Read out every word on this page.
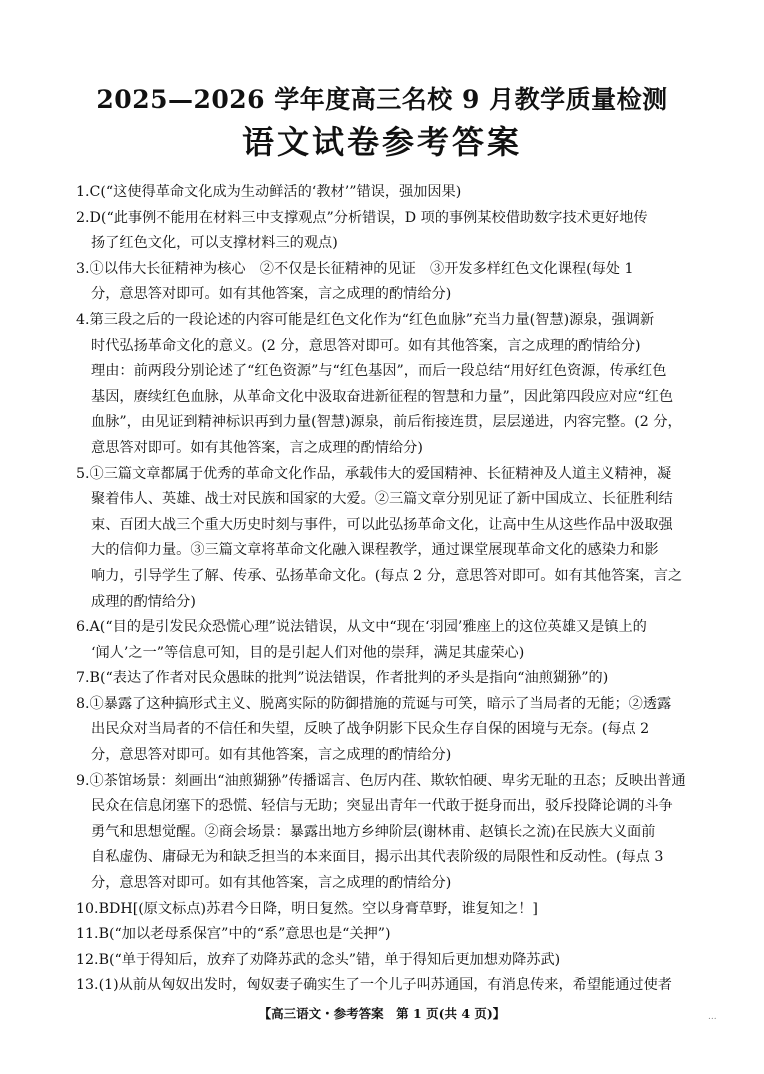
2025—2026 学年度高三名校 9 月教学质量检测
语文试卷参考答案
1.C(“这使得革命文化成为生动鲜活的‘教材’”错误，强加因果)
2.D(“此事例不能用在材料三中支撑观点”分析错误，D 项的事例某校借助数字技术更好地传
扬了红色文化，可以支撑材料三的观点)
3.①以伟大长征精神为核心　②不仅是长征精神的见证　③开发多样红色文化课程(每处 1
分，意思答对即可。如有其他答案，言之成理的酌情给分)
4.第三段之后的一段论述的内容可能是红色文化作为“红色血脉”充当力量(智慧)源泉，强调新
时代弘扬革命文化的意义。(2 分，意思答对即可。如有其他答案，言之成理的酌情给分)
理由：前两段分别论述了“红色资源”与“红色基因”，而后一段总结“用好红色资源，传承红色
基因，赓续红色血脉，从革命文化中汲取奋进新征程的智慧和力量”，因此第四段应对应“红色
血脉”，由见证到精神标识再到力量(智慧)源泉，前后衔接连贯，层层递进，内容完整。(2 分，
意思答对即可。如有其他答案，言之成理的酌情给分)
5.①三篇文章都属于优秀的革命文化作品，承载伟大的爱国精神、长征精神及人道主义精神，凝
聚着伟人、英雄、战士对民族和国家的大爱。②三篇文章分别见证了新中国成立、长征胜利结
束、百团大战三个重大历史时刻与事件，可以此弘扬革命文化，让高中生从这些作品中汲取强
大的信仰力量。③三篇文章将革命文化融入课程教学，通过课堂展现革命文化的感染力和影
响力，引导学生了解、传承、弘扬革命文化。(每点 2 分，意思答对即可。如有其他答案，言之
成理的酌情给分)
6.A(“目的是引发民众恐慌心理”说法错误，从文中“现在‘羽园’雅座上的这位英雄又是镇上的
‘闻人’之一”等信息可知，目的是引起人们对他的崇拜，满足其虚荣心)
7.B(“表达了作者对民众愚昧的批判”说法错误，作者批判的矛头是指向“油煎猢狲”的)
8.①暴露了这种搞形式主义、脱离实际的防御措施的荒诞与可笑，暗示了当局者的无能；②透露
出民众对当局者的不信任和失望，反映了战争阴影下民众生存自保的困境与无奈。(每点 2
分，意思答对即可。如有其他答案，言之成理的酌情给分)
9.①茶馆场景：刻画出“油煎猢狲”传播谣言、色厉内荏、欺软怕硬、卑劣无耻的丑态；反映出普通
民众在信息闭塞下的恐慌、轻信与无助；突显出青年一代敢于挺身而出，驳斥投降论调的斗争
勇气和思想觉醒。②商会场景：暴露出地方乡绅阶层(谢林甫、赵镇长之流)在民族大义面前
自私虚伪、庸碌无为和缺乏担当的本来面目，揭示出其代表阶级的局限性和反动性。(每点 3
分，意思答对即可。如有其他答案，言之成理的酌情给分)
10.BDH[(原文标点)苏君今日降，明日复然。空以身膏草野，谁复知之！]
11.B(“加以老母系保宫”中的“系”意思也是“关押”)
12.B(“单于得知后，放弃了劝降苏武的念头”错，单于得知后更加想劝降苏武)
13.(1)从前从匈奴出发时，匈奴妻子确实生了一个儿子叫苏通国，有消息传来，希望能通过使者
【高三语文・参考答案　第 1 页(共 4 页)】	...
